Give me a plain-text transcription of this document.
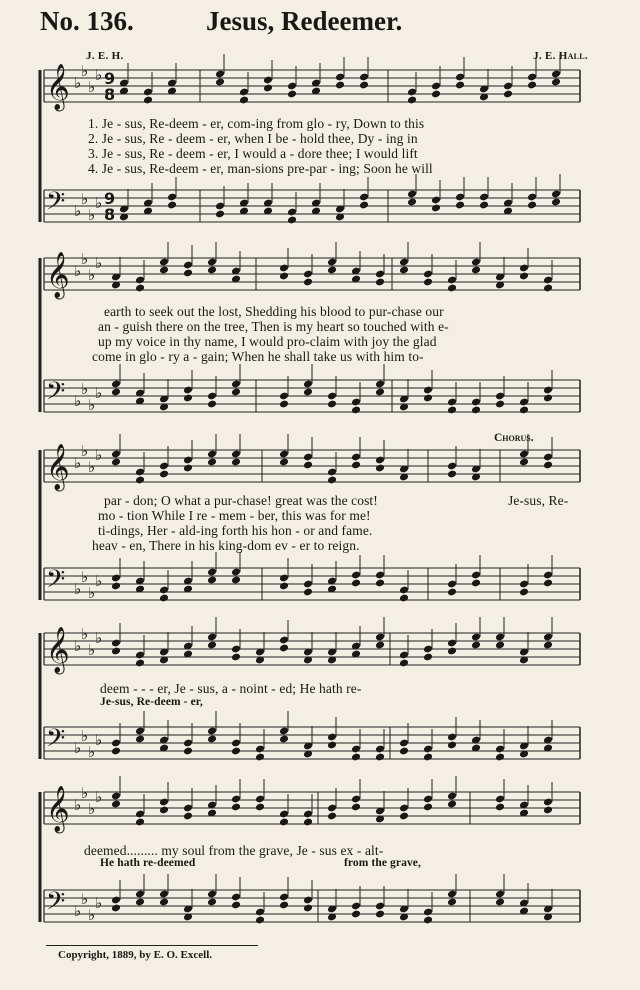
No. 136.	Jesus, Redeemer.
J. E. H.	J. E. Hall.
𝄞
𝄢
𝄞
𝄢
𝄞
𝄢
𝄞
𝄢
𝄞
𝄢
♭
♭
♭
♭ 9
8
♭
♭
♭
♭ 9
8
♭
♭
♭
♭
♭
♭
♭
♭
♭
♭
♭
♭
♭
♭
♭
♭
♭
♭
♭
♭
♭
♭
♭
♭
♭
♭
♭
♭
♭
♭
♭
♭
1. Je - sus, Re-deem - er, com-ing from glo - ry, Down to this
2. Je - sus, Re - deem - er, when I be - hold thee, Dy - ing in
3. Je - sus, Re - deem - er, I would a - dore thee; I would lift
4. Je - sus, Re-deem - er, man-sions pre-par - ing; Soon he will
earth to seek out the lost, Shedding his blood to pur-chase our
an - guish there on the tree, Then is my heart so touched with e-
up my voice in thy name, I would pro-claim with joy the glad
come in glo - ry a - gain; When he shall take us with him to-
Chorus.
par - don; O what a pur-chase! great was the cost!
mo - tion While I re - mem - ber, this was for me!
ti-dings, Her - ald-ing forth his hon - or and fame.
heav - en, There in his king-dom ev - er to reign.
Je-sus, Re-
deem - - - er, Je - sus, a - noint - ed; He hath re-
Je-sus, Re-deem - er,
deemed......... my soul from the grave, Je - sus ex - alt-
He hath re-deemed	from the grave,
Copyright, 1889, by E. O. Excell.
